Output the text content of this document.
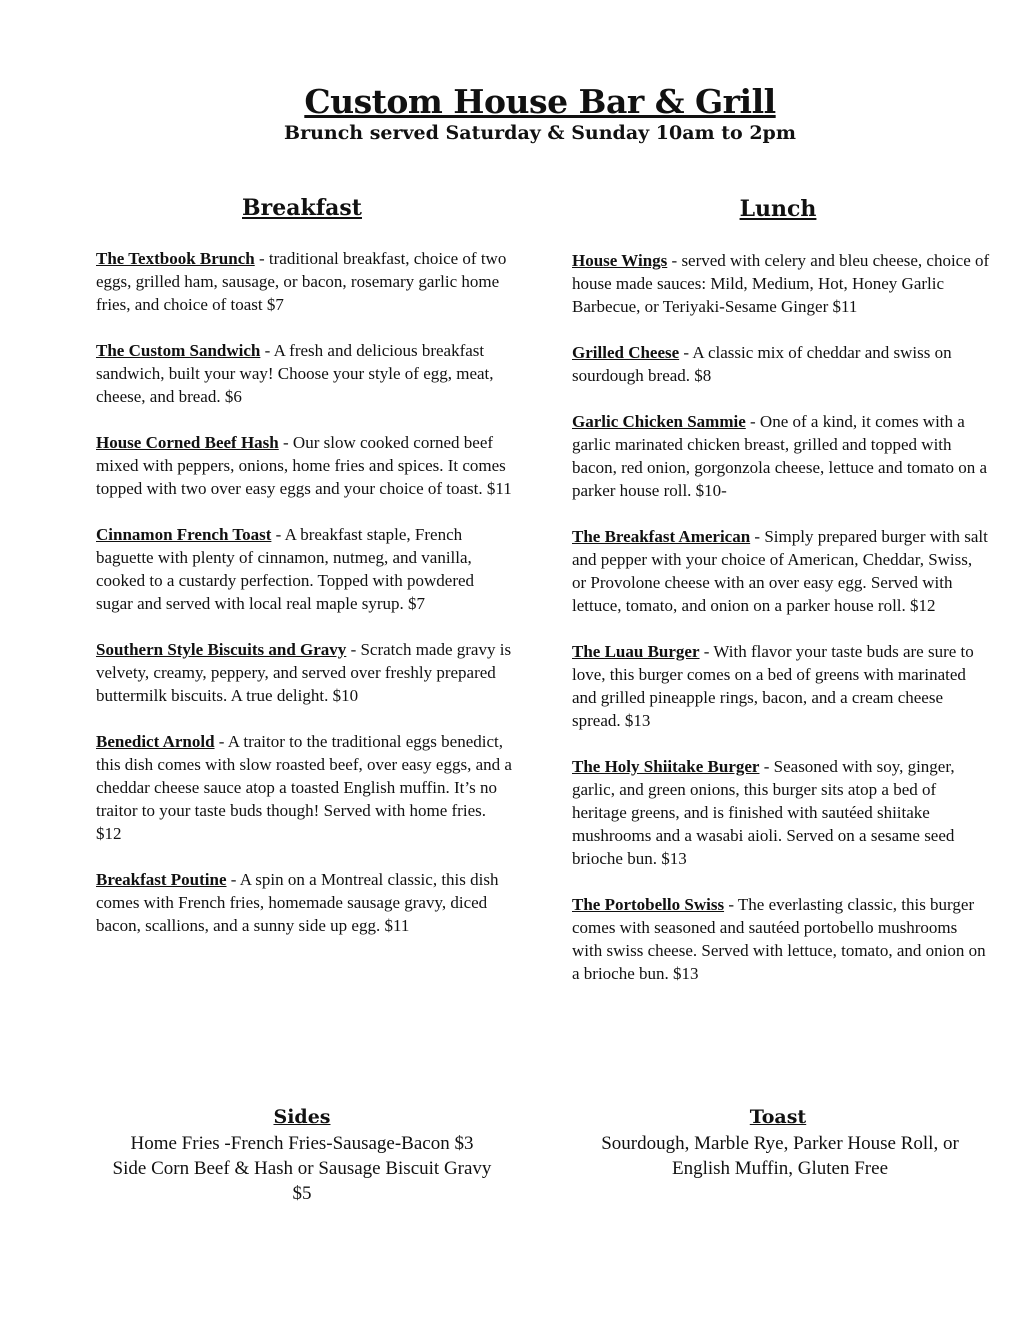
Custom House Bar & Grill
Brunch served Saturday & Sunday 10am to 2pm
Breakfast	Lunch
The Textbook Brunch - traditional breakfast, choice of two eggs, grilled ham, sausage, or bacon, rosemary garlic home fries, and choice of toast $7
The Custom Sandwich - A fresh and delicious breakfast sandwich, built your way! Choose your style of egg, meat, cheese, and bread. $6
House Corned Beef Hash - Our slow cooked corned beef mixed with peppers, onions, home fries and spices. It comes topped with two over easy eggs and your choice of toast. $11
Cinnamon French Toast - A breakfast staple, French baguette with plenty of cinnamon, nutmeg, and vanilla, cooked to a custardy perfection. Topped with powdered sugar and served with local real maple syrup. $7
Southern Style Biscuits and Gravy - Scratch made gravy is velvety, creamy, peppery, and served over freshly prepared buttermilk biscuits. A true delight. $10
Benedict Arnold - A traitor to the traditional eggs benedict, this dish comes with slow roasted beef, over easy eggs, and a cheddar cheese sauce atop a toasted English muffin. It’s no traitor to your taste buds though! Served with home fries. $12
Breakfast Poutine - A spin on a Montreal classic, this dish comes with French fries, homemade sausage gravy, diced bacon, scallions, and a sunny side up egg. $11
House Wings - served with celery and bleu cheese, choice of house made sauces: Mild, Medium, Hot, Honey Garlic Barbecue, or Teriyaki-Sesame Ginger $11
Grilled Cheese - A classic mix of cheddar and swiss on sourdough bread. $8
Garlic Chicken Sammie - One of a kind, it comes with a garlic marinated chicken breast, grilled and topped with bacon, red onion, gorgonzola cheese, lettuce and tomato on a parker house roll. $10-
The Breakfast American - Simply prepared burger with salt and pepper with your choice of American, Cheddar, Swiss, or Provolone cheese with an over easy egg. Served with lettuce, tomato, and onion on a parker house roll. $12
The Luau Burger - With flavor your taste buds are sure to love, this burger comes on a bed of greens with marinated and grilled pineapple rings, bacon, and a cream cheese spread. $13
The Holy Shiitake Burger - Seasoned with soy, ginger, garlic, and green onions, this burger sits atop a bed of heritage greens, and is finished with sautéed shiitake mushrooms and a wasabi aioli. Served on a sesame seed brioche bun. $13
The Portobello Swiss - The everlasting classic, this burger comes with seasoned and sautéed portobello mushrooms with swiss cheese. Served with lettuce, tomato, and onion on a brioche bun. $13
Sides
Home Fries -French Fries-Sausage-Bacon $3
Side Corn Beef & Hash or Sausage Biscuit Gravy $5
Toast
Sourdough, Marble Rye, Parker House Roll, or English Muffin, Gluten Free
